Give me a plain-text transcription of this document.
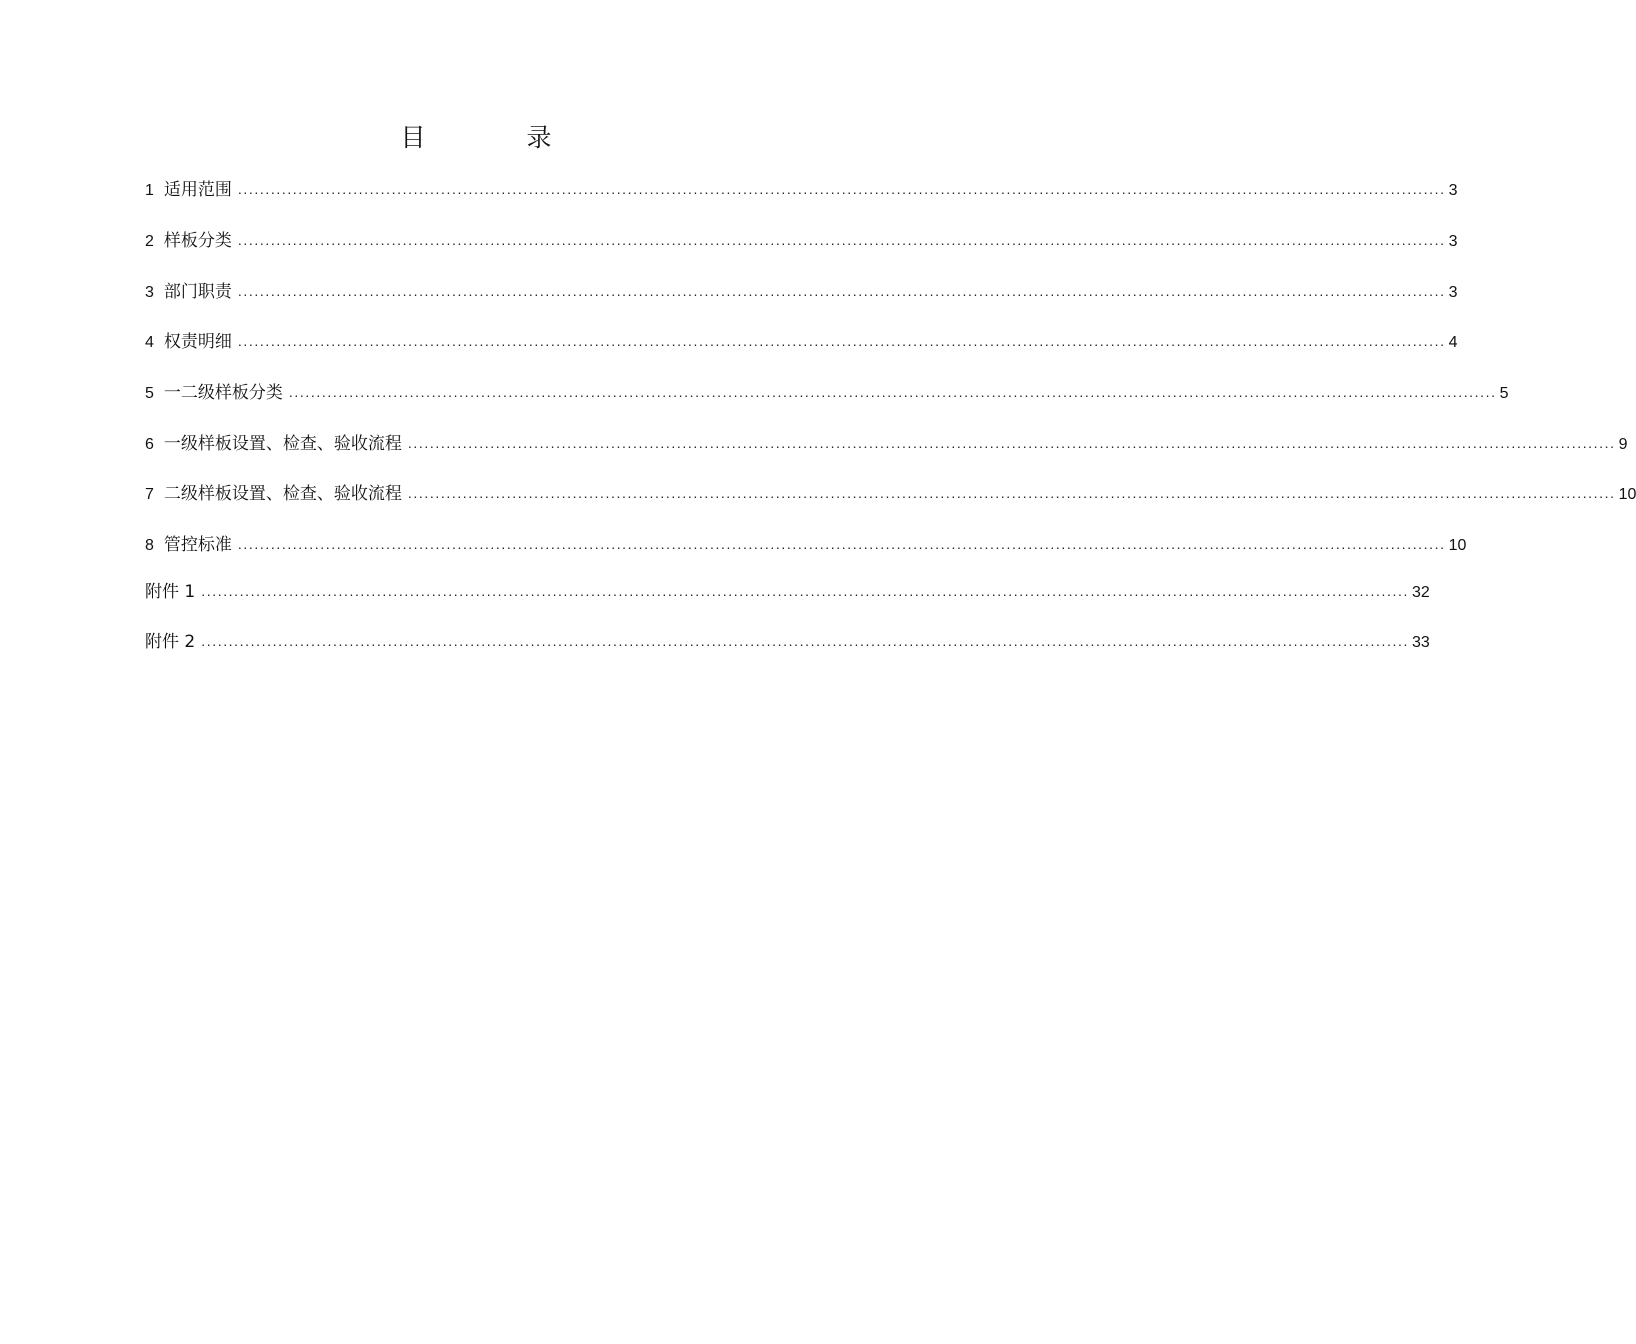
目　录
1 适用范围 ............................................................................................................................................................................................................................ 3
2 样板分类 ............................................................................................................................................................................................................................ 3
3 部门职责 ............................................................................................................................................................................................................................ 3
4 权责明细 ............................................................................................................................................................................................................................ 4
5 一二级样板分类 ............................................................................................................................................................................................................................ 5
6 一级样板设置、检查、验收流程 ............................................................................................................................................................................................................................ 9
7 二级样板设置、检查、验收流程 ............................................................................................................................................................................................................................ 10
8 管控标准 ............................................................................................................................................................................................................................ 10
附件 1 ............................................................................................................................................................................................................................ 32
附件 2 ............................................................................................................................................................................................................................ 33
